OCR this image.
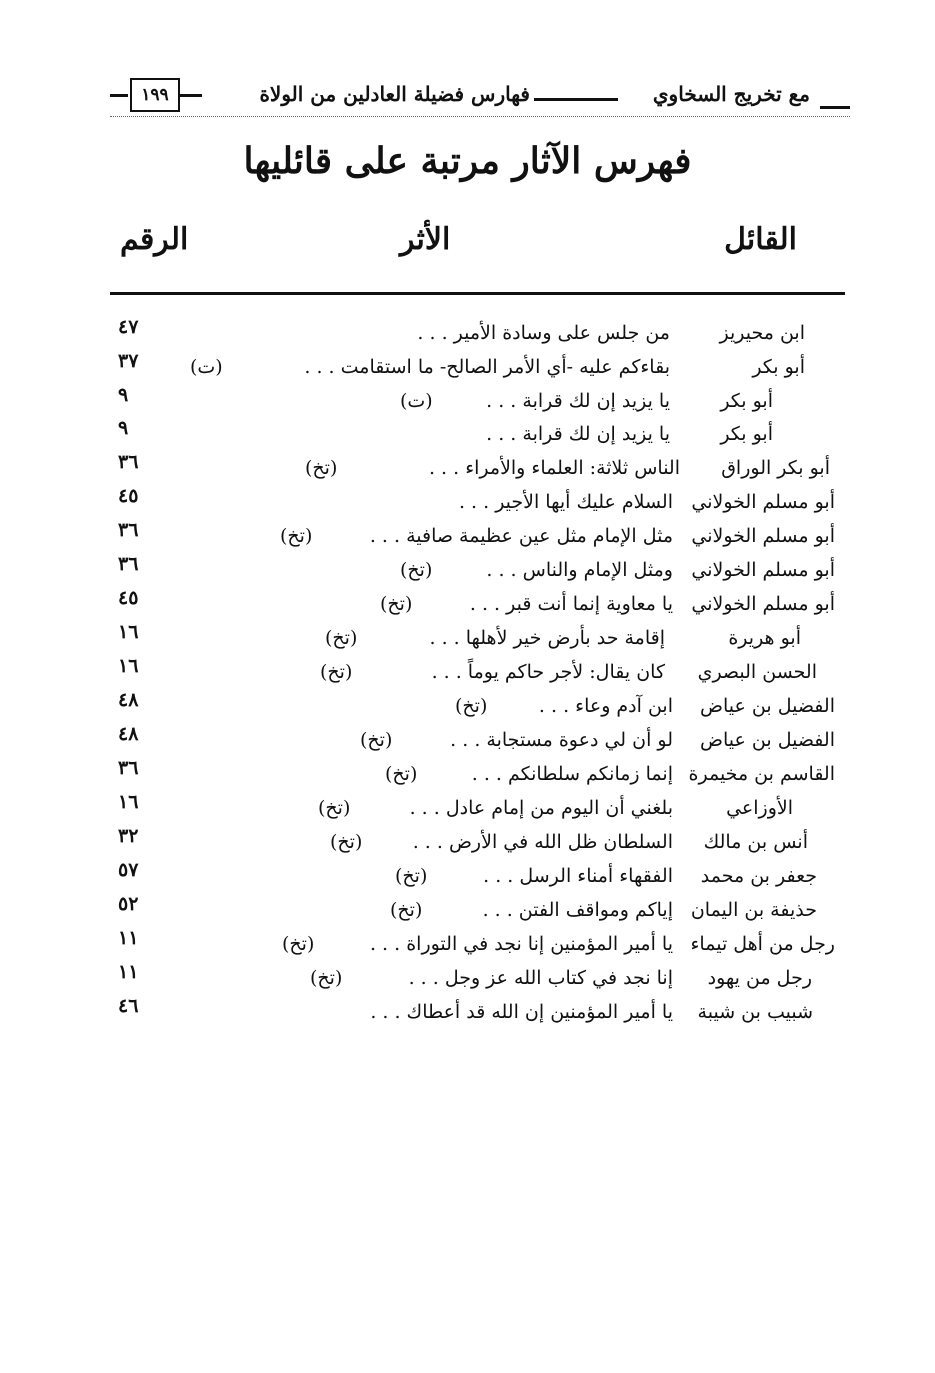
مع تخريج السخاوي
فهارس فضيلة العادلين من الولاة
١٩٩
فهرس الآثار مرتبة على قائليها
القائل
الأثر
الرقم
ابن محيريز
من جلس على وسادة الأمير . . .
٤٧
أبو بكر
بقاءكم عليه -أي الأمر الصالح- ما استقامت . . .
(ت)
٣٧
أبو بكر
يا يزيد إن لك قرابة . . .
(ت)
٩
أبو بكر
يا يزيد إن لك قرابة . . .
٩
أبو بكر الوراق
الناس ثلاثة: العلماء والأمراء . . .
(تخ)
٣٦
أبو مسلم الخولاني
السلام عليك أيها الأجير . . .
٤٥
أبو مسلم الخولاني
مثل الإمام مثل عين عظيمة صافية . . .
(تخ)
٣٦
أبو مسلم الخولاني
ومثل الإمام والناس . . .
(تخ)
٣٦
أبو مسلم الخولاني
يا معاوية إنما أنت قبر . . .
(تخ)
٤٥
أبو هريرة
إقامة حد بأرض خير لأهلها . . .
(تخ)
١٦
الحسن البصري
كان يقال: لأجر حاكم يوماً . . .
(تخ)
١٦
الفضيل بن عياض
ابن آدم وعاء . . .
(تخ)
٤٨
الفضيل بن عياض
لو أن لي دعوة مستجابة . . .
(تخ)
٤٨
القاسم بن مخيمرة
إنما زمانكم سلطانكم . . .
(تخ)
٣٦
الأوزاعي
بلغني أن اليوم من إمام عادل . . .
(تخ)
١٦
أنس بن مالك
السلطان ظل الله في الأرض . . .
(تخ)
٣٢
جعفر بن محمد
الفقهاء أمناء الرسل . . .
(تخ)
٥٧
حذيفة بن اليمان
إياكم ومواقف الفتن . . .
(تخ)
٥٢
رجل من أهل تيماء
يا أمير المؤمنين إنا نجد في التوراة . . .
(تخ)
١١
رجل من يهود
إنا نجد في كتاب الله عز وجل . . .
(تخ)
١١
شبيب بن شيبة
يا أمير المؤمنين إن الله قد أعطاك . . .
٤٦
